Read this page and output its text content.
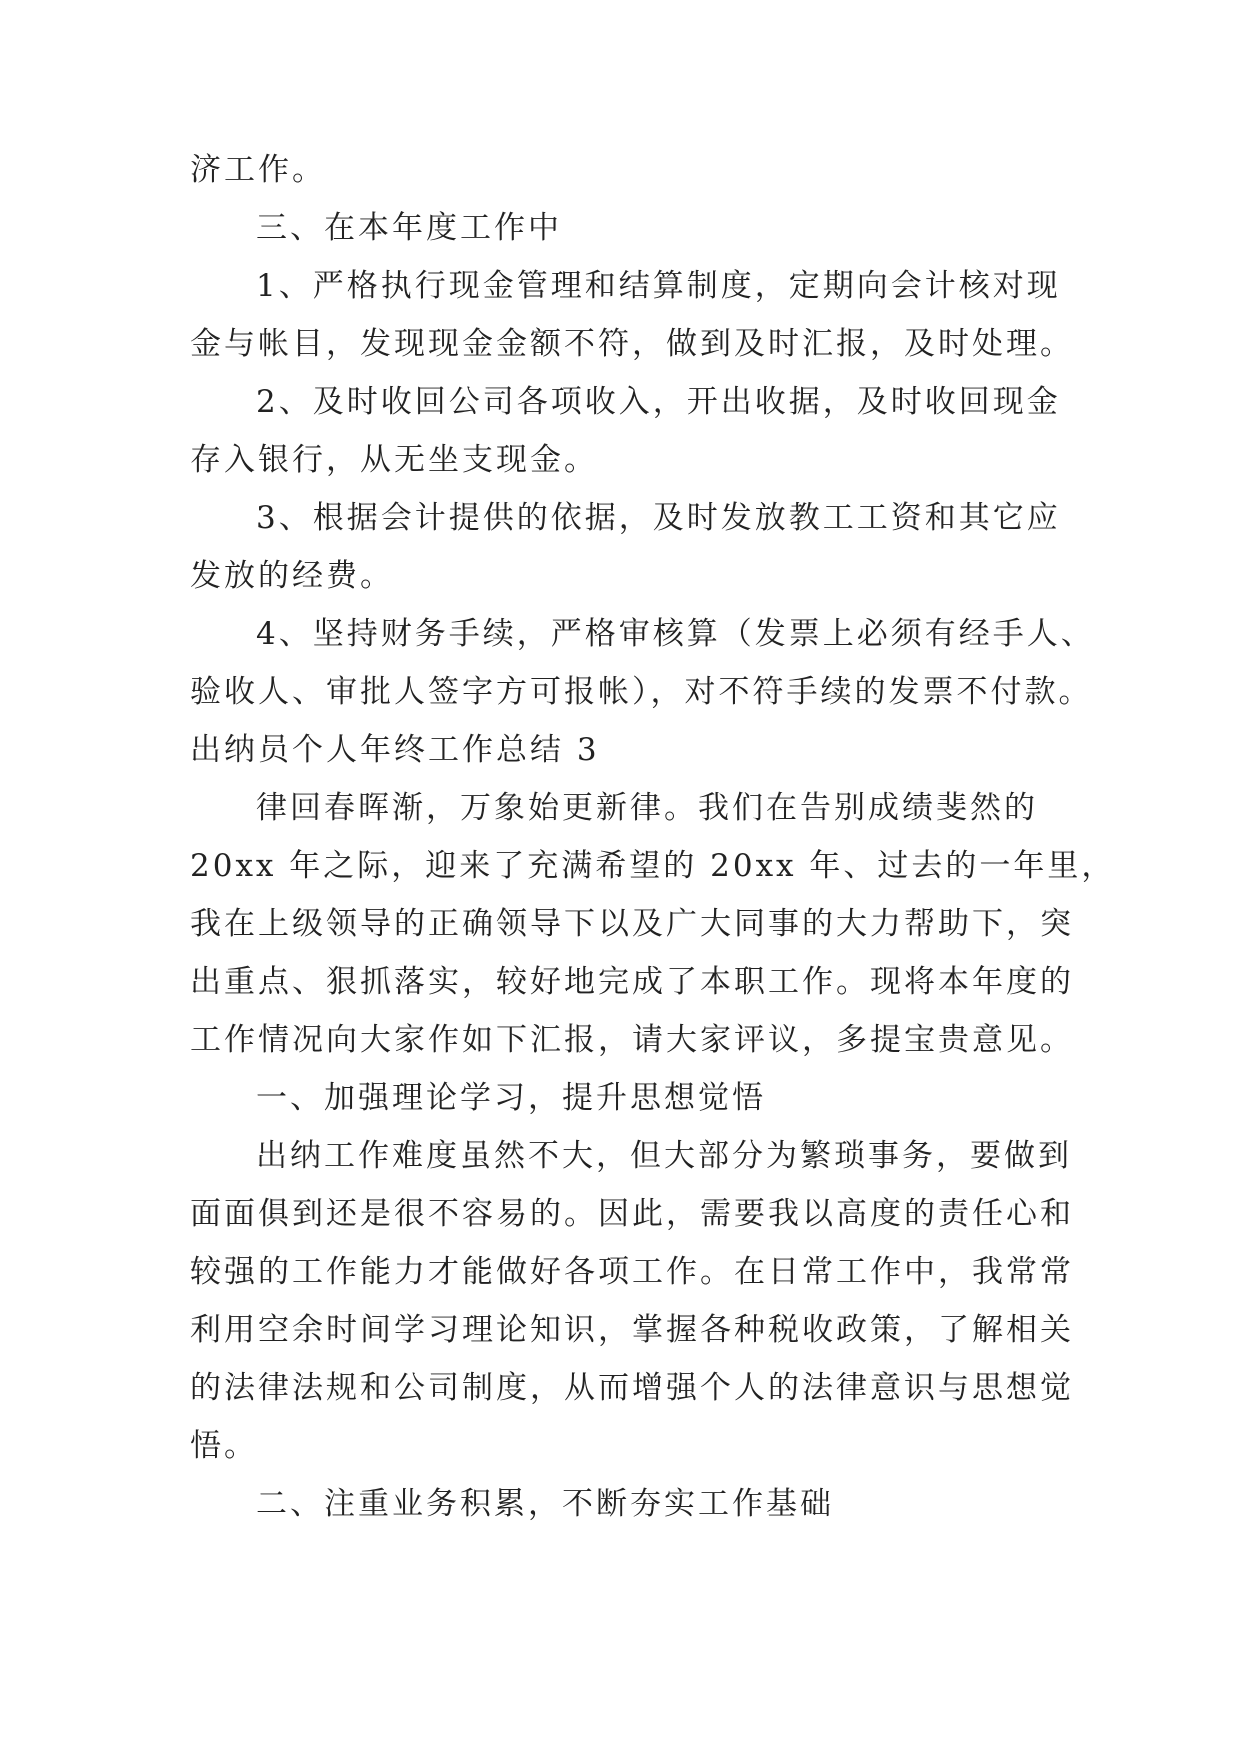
济工作。
三、在本年度工作中
1、严格执行现金管理和结算制度，定期向会计核对现
金与帐目，发现现金金额不符，做到及时汇报，及时处理。
2、及时收回公司各项收入，开出收据，及时收回现金
存入银行，从无坐支现金。
3、根据会计提供的依据，及时发放教工工资和其它应
发放的经费。
4、坚持财务手续，严格审核算（发票上必须有经手人、
验收人、审批人签字方可报帐），对不符手续的发票不付款。
出纳员个人年终工作总结 3
律回春晖渐，万象始更新律。我们在告别成绩斐然的
20xx 年之际，迎来了充满希望的 20xx 年、过去的一年里，
我在上级领导的正确领导下以及广大同事的大力帮助下，突
出重点、狠抓落实，较好地完成了本职工作。现将本年度的
工作情况向大家作如下汇报，请大家评议，多提宝贵意见。
一、加强理论学习，提升思想觉悟
出纳工作难度虽然不大，但大部分为繁琐事务，要做到
面面俱到还是很不容易的。因此，需要我以高度的责任心和
较强的工作能力才能做好各项工作。在日常工作中，我常常
利用空余时间学习理论知识，掌握各种税收政策，了解相关
的法律法规和公司制度，从而增强个人的法律意识与思想觉
悟。
二、注重业务积累，不断夯实工作基础
